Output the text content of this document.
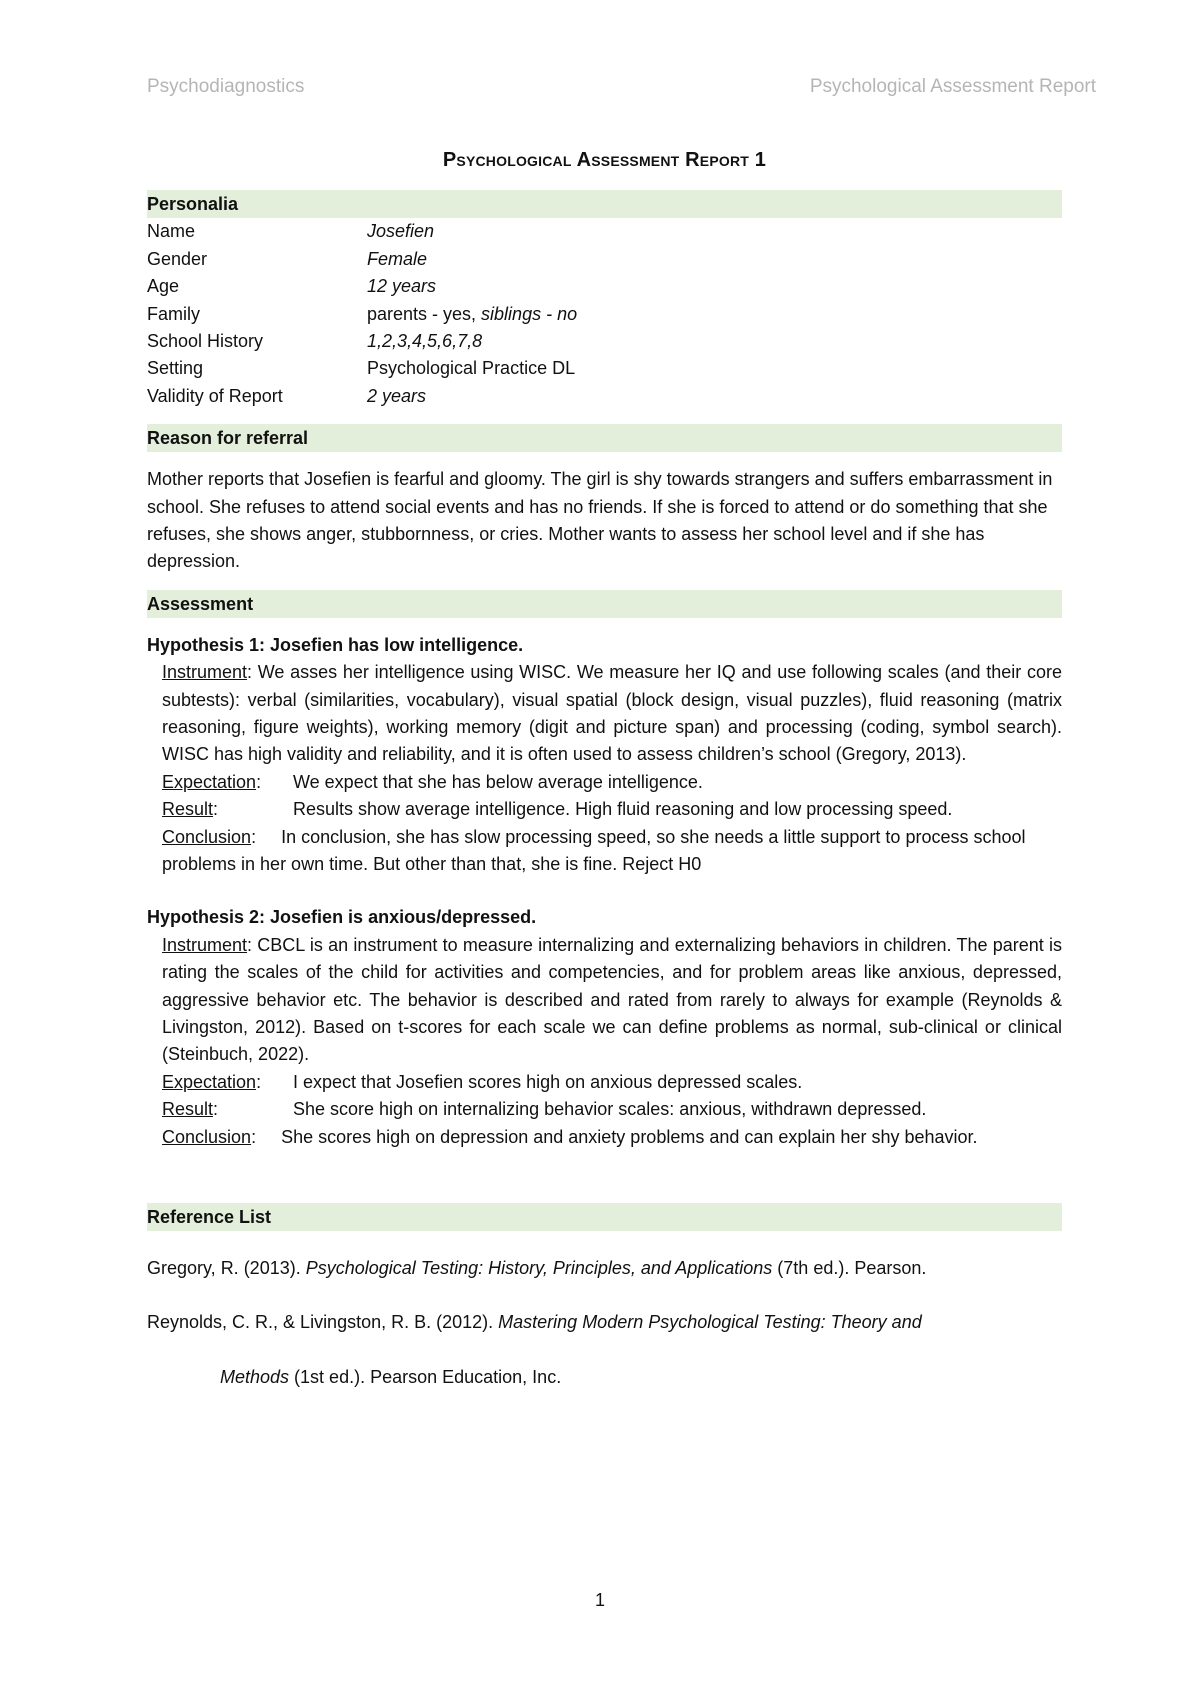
Psychodiagnostics	Psychological Assessment Report
Psychological Assessment Report 1
Personalia
Name	Josefien
Gender	Female
Age	12 years
Family	parents - yes, siblings - no
School History	1,2,3,4,5,6,7,8
Setting	Psychological Practice DL
Validity of Report	2 years
Reason for referral
Mother reports that Josefien is fearful and gloomy. The girl is shy towards strangers and suffers embarrassment in school. She refuses to attend social events and has no friends. If she is forced to attend or do something that she refuses, she shows anger, stubbornness, or cries. Mother wants to assess her school level and if she has depression.
Assessment
Hypothesis 1: Josefien has low intelligence.
Instrument: We asses her intelligence using WISC. We measure her IQ and use following scales (and their core subtests): verbal (similarities, vocabulary), visual spatial (block design, visual puzzles), fluid reasoning (matrix reasoning, figure weights), working memory (digit and picture span) and processing (coding, symbol search). WISC has high validity and reliability, and it is often used to assess children’s school (Gregory, 2013).
Expectation:	We expect that she has below average intelligence.
Result:	Results show average intelligence. High fluid reasoning and low processing speed.
Conclusion:     In conclusion, she has slow processing speed, so she needs a little support to process school problems in her own time. But other than that, she is fine. Reject H0
Hypothesis 2: Josefien is anxious/depressed.
Instrument: CBCL is an instrument to measure internalizing and externalizing behaviors in children. The parent is rating the scales of the child for activities and competencies, and for problem areas like anxious, depressed, aggressive behavior etc. The behavior is described and rated from rarely to always for example (Reynolds & Livingston, 2012). Based on t-scores for each scale we can define problems as normal, sub-clinical or clinical (Steinbuch, 2022).
Expectation:	I expect that Josefien scores high on anxious depressed scales.
Result:	She score high on internalizing behavior scales: anxious, withdrawn depressed.
Conclusion:     She scores high on depression and anxiety problems and can explain her shy behavior.
Reference List

Gregory, R. (2013). Psychological Testing: History, Principles, and Applications (7th ed.). Pearson.

Reynolds, C. R., & Livingston, R. B. (2012). Mastering Modern Psychological Testing: Theory and

Methods (1st ed.). Pearson Education, Inc.

1
